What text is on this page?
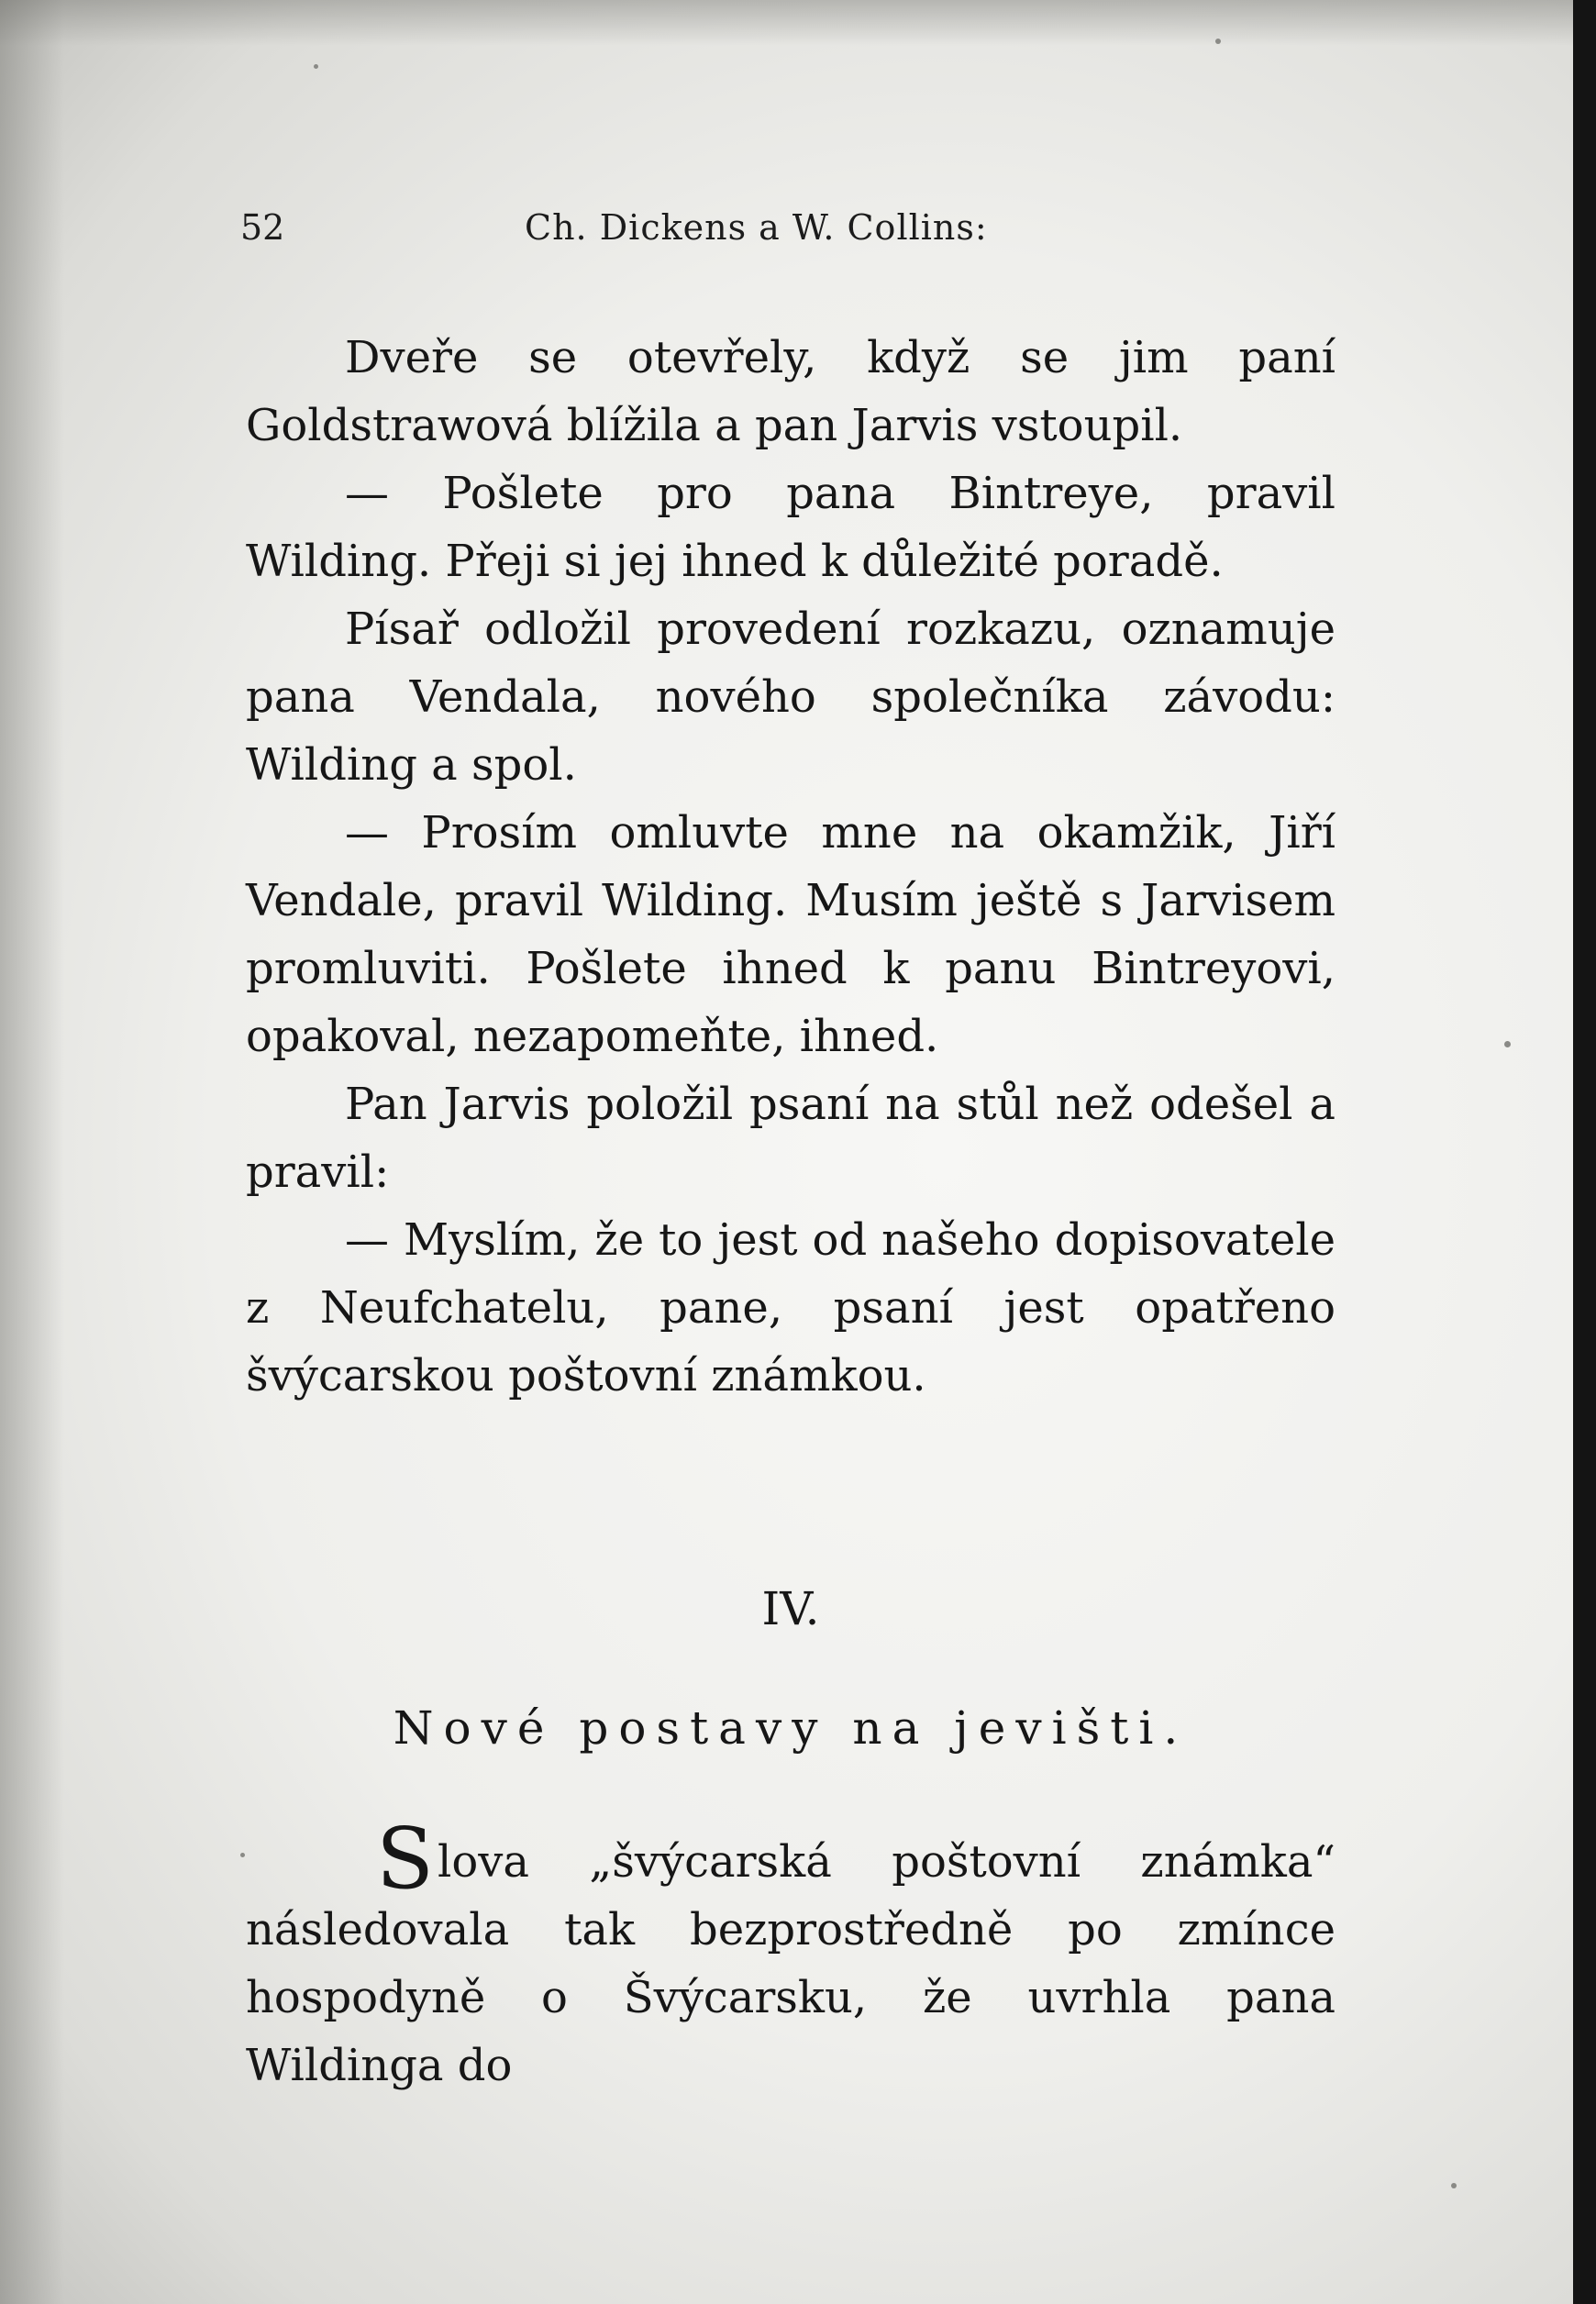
52	Ch. Dickens a W. Collins:

Dveře se otevřely, když se jim paní Goldstrawová blížila a pan Jarvis vstoupil.

— Pošlete pro pana Bintreye, pravil Wilding. Přeji si jej ihned k důležité poradě.

Písař odložil provedení rozkazu, oznamuje pana Vendala, nového společníka závodu: Wilding a spol.

— Prosím omluvte mne na okamžik, Jiří Vendale, pravil Wilding. Musím ještě s Jarvisem promluviti. Pošlete ihned k panu Bintreyovi, opakoval, nezapomeňte, ihned.

Pan Jarvis položil psaní na stůl než odešel a pravil:

— Myslím, že to jest od našeho dopisovatele z Neufchatelu, pane, psaní jest opatřeno švýcarskou poštovní známkou.

IV.
Nové postavy na jevišti.

Slova „švýcarská poštovní známka“ následovala tak bezprostředně po zmínce hospodyně o Švýcarsku, že uvrhla pana Wildinga do
